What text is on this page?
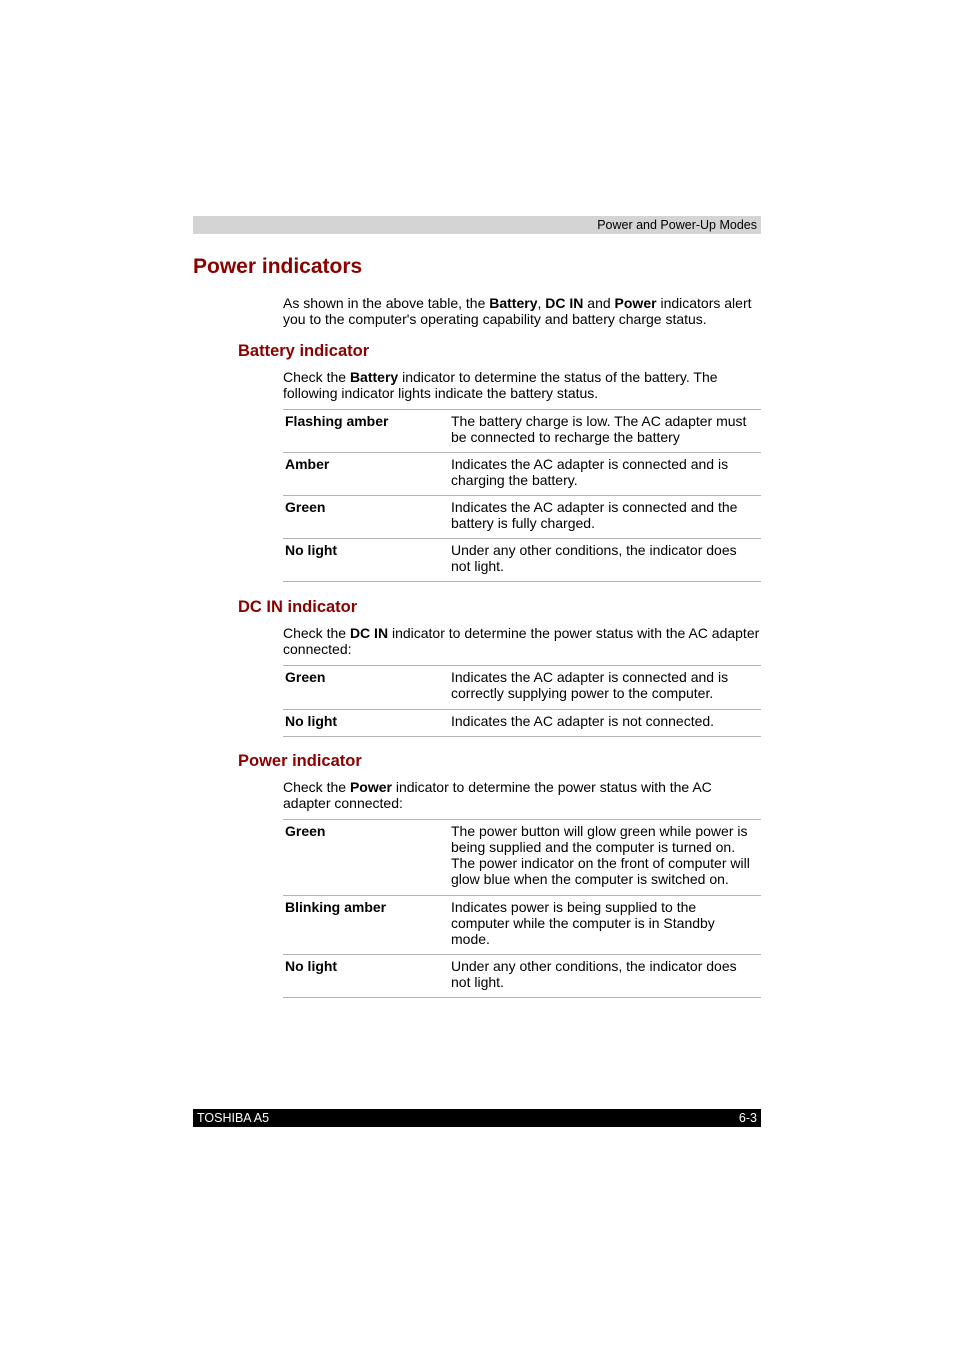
Power and Power-Up Modes
Power indicators

As shown in the above table, the Battery, DC IN and Power indicators alert you to the computer's operating capability and battery charge status.

Battery indicator

Check the Battery indicator to determine the status of the battery. The following indicator lights indicate the battery status.

Flashing amber	The battery charge is low. The AC adapter must be connected to recharge the battery
Amber	Indicates the AC adapter is connected and is charging the battery.
Green	Indicates the AC adapter is connected and the battery is fully charged.
No light	Under any other conditions, the indicator does not light.
DC IN indicator

Check the DC IN indicator to determine the power status with the AC adapter connected:

Green	Indicates the AC adapter is connected and is correctly supplying power to the computer.
No light	Indicates the AC adapter is not connected.
Power indicator

Check the Power indicator to determine the power status with the AC adapter connected:

Green	The power button will glow green while power is being supplied and the computer is turned on. The power indicator on the front of computer will glow blue when the computer is switched on.
Blinking amber	Indicates power is being supplied to the computer while the computer is in Standby mode.
No light	Under any other conditions, the indicator does not light.
TOSHIBA A5	6-3
